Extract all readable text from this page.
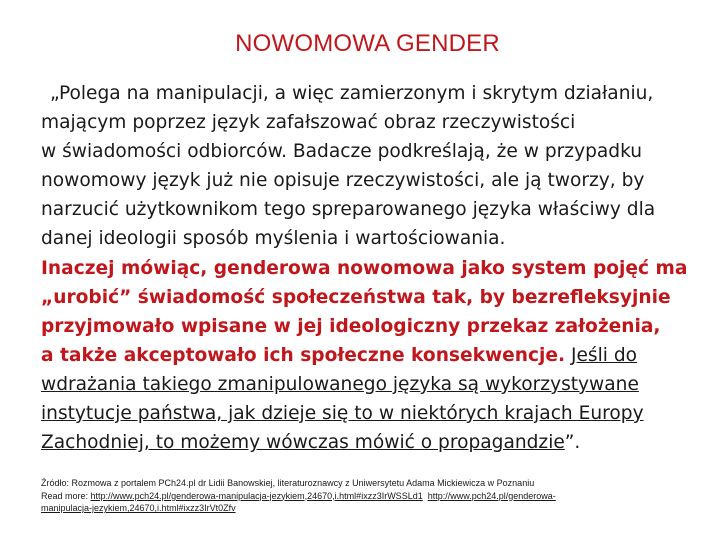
NOWOMOWA GENDER
„Polega na manipulacji, a więc zamierzonym i skrytym działaniu,
mającym poprzez język zafałszować obraz rzeczywistości
w świadomości odbiorców. Badacze podkreślają, że w przypadku
nowomowy język już nie opisuje rzeczywistości, ale ją tworzy, by
narzucić użytkownikom tego spreparowanego języka właściwy dla
danej ideologii sposób myślenia i wartościowania.
Inaczej mówiąc, genderowa nowomowa jako system pojęć ma
„urobić” świadomość społeczeństwa tak, by bezrefleksyjnie
przyjmowało wpisane w jej ideologiczny przekaz założenia,
a także akceptowało ich społeczne konsekwencje. Jeśli do
wdrażania takiego zmanipulowanego języka są wykorzystywane
instytucje państwa, jak dzieje się to w niektórych krajach Europy
Zachodniej, to możemy wówczas mówić o propagandzie”.
Źródło: Rozmowa z portalem PCh24.pl dr Lidii Banowskiej, literaturoznawcy z Uniwersytetu Adama Mickiewicza w Poznaniu
Read more: http://www.pch24.pl/genderowa-manipulacja-jezykiem,24670,i.html#ixzz3IrWSSLd1 http://www.pch24.pl/genderowa-
manipulacja-jezykiem,24670,i.html#ixzz3IrVt0Zfv
